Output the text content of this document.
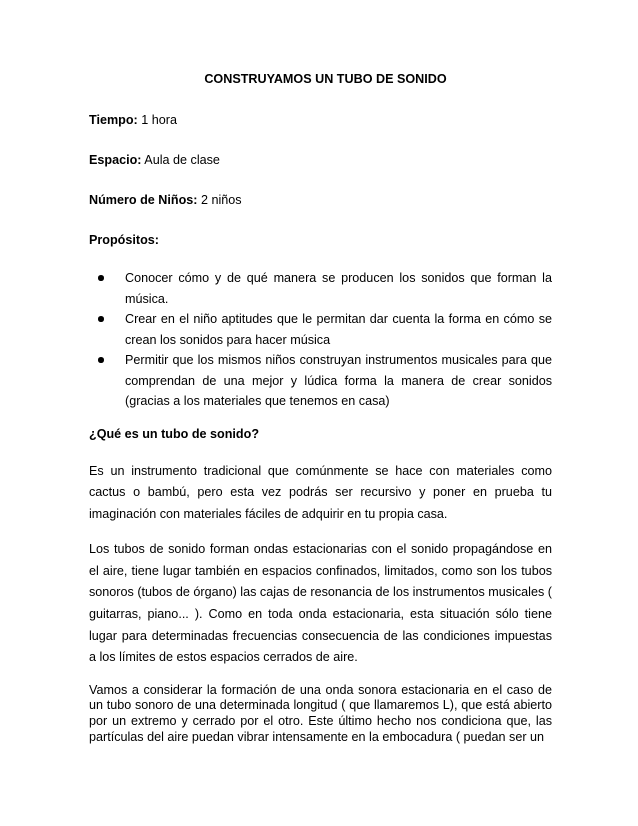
CONSTRUYAMOS UN TUBO DE SONIDO
Tiempo: 1 hora
Espacio: Aula de clase
Número de Niños: 2 niños
Propósitos:
Conocer cómo y de qué manera se producen los sonidos que forman la música.
Crear en el niño aptitudes que le permitan dar cuenta la forma en cómo se crean los sonidos para hacer música
Permitir que los mismos niños construyan instrumentos musicales para que comprendan de una mejor y lúdica forma la manera de crear sonidos (gracias a los materiales que tenemos en casa)
¿Qué es un tubo de sonido?

Es un instrumento tradicional que comúnmente se hace con materiales como cactus o bambú, pero esta vez podrás ser recursivo y poner en prueba tu imaginación con materiales fáciles de adquirir en tu propia casa.

Los tubos de sonido forman ondas estacionarias con el sonido propagándose en el aire, tiene lugar también en espacios confinados, limitados, como son los tubos sonoros (tubos de órgano) las cajas de resonancia de los instrumentos musicales ( guitarras, piano... ). Como en toda onda estacionaria, esta situación sólo tiene lugar para determinadas frecuencias consecuencia de las condiciones impuestas a los límites de estos espacios cerrados de aire.

Vamos a considerar la formación de una onda sonora estacionaria en el caso de un tubo sonoro de una determinada longitud ( que llamaremos L), que está abierto por un extremo y cerrado por el otro. Este último hecho nos condiciona que, las partículas del aire puedan vibrar intensamente en la embocadura ( puedan ser un
